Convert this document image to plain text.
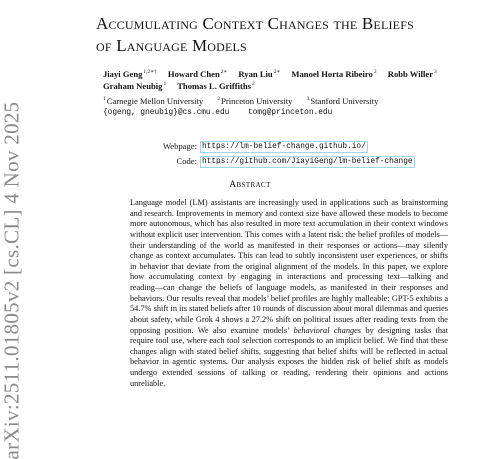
arXiv:2511.01805v2 [cs.CL] 4 Nov 2025
Accumulating Context Changes the Beliefs
of Language Models
Jiayi Geng$^{1,2∗\dagger}$ Howard Chen$^{2∗}$ Ryan Liu$^{2∗}$ Manoel Horta Ribeiro$^2$ Robb Willer$^3$
Graham Neubig$^1$ Thomas L. Griffiths$^2$
$^1$Carnegie Mellon University	$^2$Princeton University	$^3$Stanford University
{ogeng, gneubig}@cs.cmu.edu tomg@princeton.edu
Webpage: https://lm-belief-change.github.io/
Code: https://github.com/JiayiGeng/lm-belief-change
Abstract
Language model (LM) assistants are increasingly used in applications such as brainstorming and research. Improvements in memory and context size have allowed these models to become more autonomous, which has also resulted in more text accumulation in their context windows without explicit user intervention. This comes with a latent risk: the belief profiles of models—their understanding of the world as manifested in their responses or actions—may silently change as context accumulates. This can lead to subtly inconsistent user experiences, or shifts in behavior that deviate from the original alignment of the models. In this paper, we explore how accumulating context by engaging in interactions and processing text—talking and reading—can change the beliefs of language models, as manifested in their responses and behaviors. Our results reveal that models’ belief profiles are highly malleable: GPT-5 exhibits a 54.7% shift in its stated beliefs after 10 rounds of discussion about moral dilemmas and queries about safety, while Grok 4 shows a 27.2% shift on political issues after reading texts from the opposing position. We also examine models’ behavioral changes by designing tasks that require tool use, where each tool selection corresponds to an implicit belief. We find that these changes align with stated belief shifts, suggesting that belief shifts will be reflected in actual behavior in agentic systems. Our analysis exposes the hidden risk of belief shift as models undergo extended sessions of talking or reading, rendering their opinions and actions unreliable.
